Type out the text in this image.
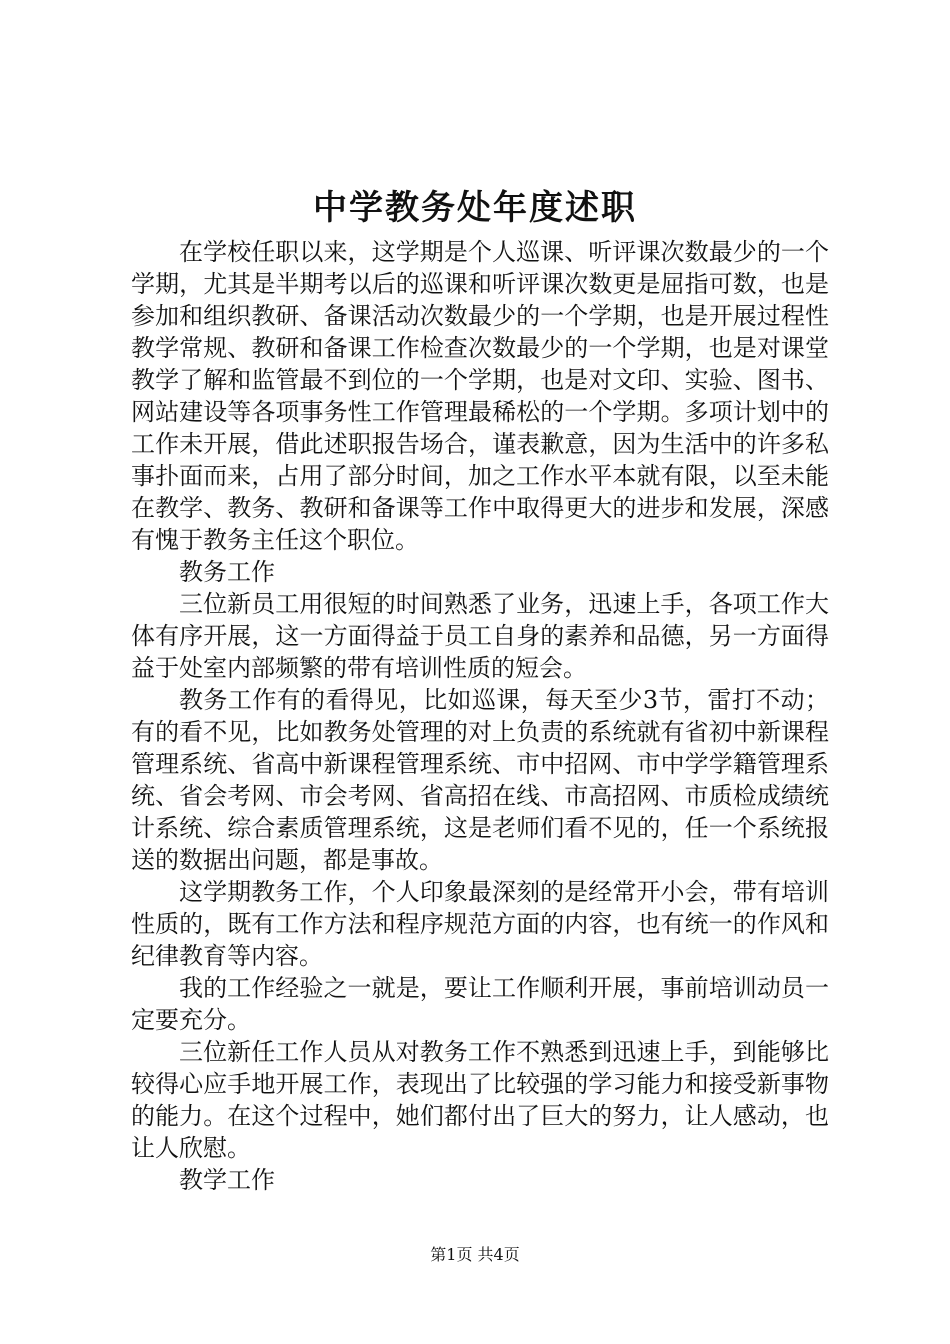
中学教务处年度述职

在学校任职以来，这学期是个人巡课、听评课次数最少的一个学期，尤其是半期考以后的巡课和听评课次数更是屈指可数，也是参加和组织教研、备课活动次数最少的一个学期，也是开展过程性教学常规、教研和备课工作检查次数最少的一个学期，也是对课堂教学了解和监管最不到位的一个学期，也是对文印、实验、图书、网站建设等各项事务性工作管理最稀松的一个学期。多项计划中的工作未开展，借此述职报告场合，谨表歉意，因为生活中的许多私事扑面而来，占用了部分时间，加之工作水平本就有限，以至未能在教学、教务、教研和备课等工作中取得更大的进步和发展，深感有愧于教务主任这个职位。

教务工作

三位新员工用很短的时间熟悉了业务，迅速上手，各项工作大体有序开展，这一方面得益于员工自身的素养和品德，另一方面得益于处室内部频繁的带有培训性质的短会。

教务工作有的看得见，比如巡课，每天至少3节，雷打不动；有的看不见，比如教务处管理的对上负责的系统就有省初中新课程管理系统、省高中新课程管理系统、市中招网、市中学学籍管理系统、省会考网、市会考网、省高招在线、市高招网、市质检成绩统计系统、综合素质管理系统，这是老师们看不见的，任一个系统报送的数据出问题，都是事故。

这学期教务工作，个人印象最深刻的是经常开小会，带有培训性质的，既有工作方法和程序规范方面的内容，也有统一的作风和纪律教育等内容。

我的工作经验之一就是，要让工作顺利开展，事前培训动员一定要充分。

三位新任工作人员从对教务工作不熟悉到迅速上手，到能够比较得心应手地开展工作，表现出了比较强的学习能力和接受新事物的能力。在这个过程中，她们都付出了巨大的努力，让人感动，也让人欣慰。

教学工作

第1页 共4页
